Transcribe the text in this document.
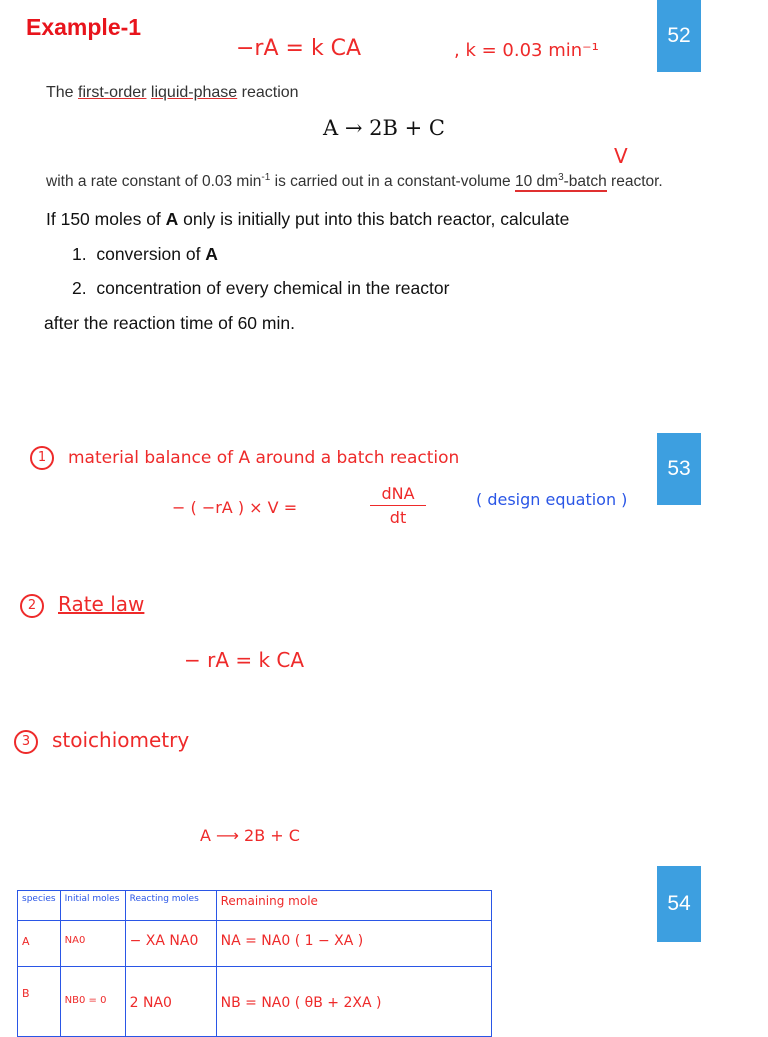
Example-1	52
−rA = k CA	, k = 0.03 min⁻¹
The first-order liquid-phase reaction
A → 2B + C
V
with a rate constant of 0.03 $\min^{-1}$ is carried out in a constant-volume 10 $dm^3$-batch reactor.
If 150 moles of A only is initially put into this batch reactor, calculate
1. conversion of A
2. concentration of every chemical in the reactor
after the reaction time of 60 min.
53
1 material balance of A around a batch reaction
− ( −rA ) × V =
dNA
dt
( design equation )
2 Rate law
− rA = k CA
3 stoichiometry
A ⟶ 2B + C
54
species	Initial moles	Reacting moles	Remaining mole
A	NA0	− XA NA0	NA = NA0 ( 1 − XA )
B	NB0 = 0	2 NA0	NB = NA0 ( θB + 2XA )
